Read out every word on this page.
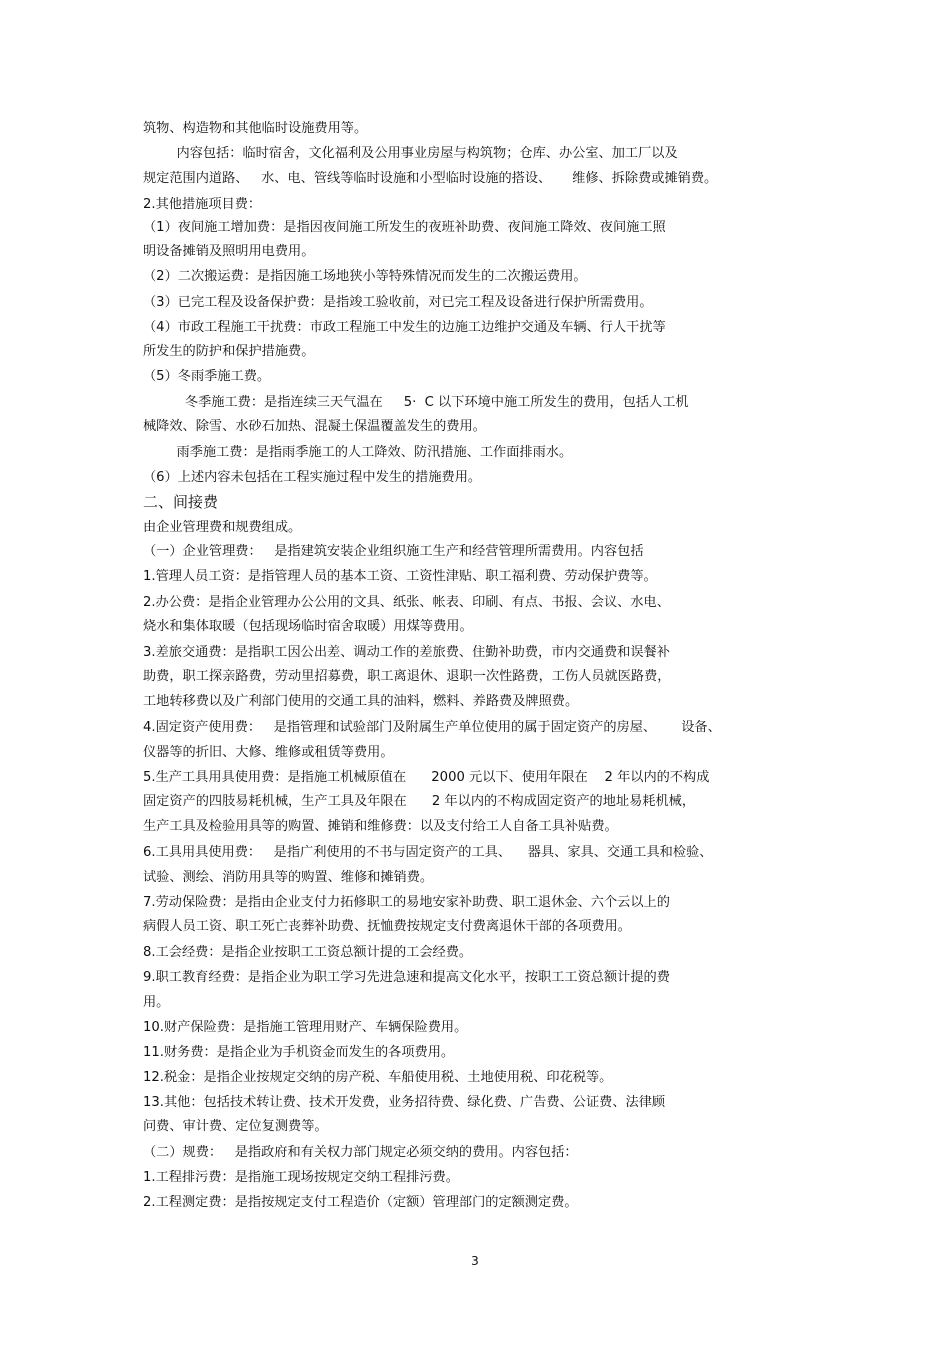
筑物、构造物和其他临时设施费用等。
内容包括：临时宿舍，文化福利及公用事业房屋与构筑物；仓库、办公室、加工厂以及
规定范围内道路、   水、电、管线等临时设施和小型临时设施的搭设、     维修、拆除费或摊销费。
2.其他措施项目费：
（1）夜间施工增加费：是指因夜间施工所发生的夜班补助费、夜间施工降效、夜间施工照
明设备摊销及照明用电费用。
（2）二次搬运费：是指因施工场地狭小等特殊情况而发生的二次搬运费用。
（3）已完工程及设备保护费：是指竣工验收前，对已完工程及设备进行保护所需费用。
（4）市政工程施工干扰费：市政工程施工中发生的边施工边维护交通及车辆、行人干扰等
所发生的防护和保护措施费。
（5）冬雨季施工费。
冬季施工费：是指连续三天气温在     5·  C 以下环境中施工所发生的费用，包括人工机
械降效、除雪、水砂石加热、混凝土保温覆盖发生的费用。
雨季施工费：是指雨季施工的人工降效、防汛措施、工作面排雨水。
（6）上述内容未包括在工程实施过程中发生的措施费用。
二、间接费
由企业管理费和规费组成。
（一）企业管理费：   是指建筑安装企业组织施工生产和经营管理所需费用。内容包括
1.管理人员工资：是指管理人员的基本工资、工资性津贴、职工福利费、劳动保护费等。
2.办公费：是指企业管理办公公用的文具、纸张、帐表、印刷、有点、书报、会议、水电、
烧水和集体取暖（包括现场临时宿舍取暖）用煤等费用。
3.差旅交通费：是指职工因公出差、调动工作的差旅费、住勤补助费，市内交通费和误餐补
助费，职工探亲路费，劳动里招募费，职工离退休、退职一次性路费，工伤人员就医路费，
工地转移费以及广利部门使用的交通工具的油料，燃料、养路费及牌照费。
4.固定资产使用费：   是指管理和试验部门及附属生产单位使用的属于固定资产的房屋、      设备、
仪器等的折旧、大修、维修或租赁等费用。
5.生产工具用具使用费：是指施工机械原值在      2000 元以下、使用年限在    2 年以内的不构成
固定资产的四肢易耗机械，生产工具及年限在      2 年以内的不构成固定资产的地址易耗机械，
生产工具及检验用具等的购置、摊销和维修费：以及支付给工人自备工具补贴费。
6.工具用具使用费：   是指广利使用的不书与固定资产的工具、    器具、家具、交通工具和检验、
试验、测绘、消防用具等的购置、维修和摊销费。
7.劳动保险费：是指由企业支付力拓修职工的易地安家补助费、职工退休金、六个云以上的
病假人员工资、职工死亡丧葬补助费、抚恤费按规定支付费离退休干部的各项费用。
8.工会经费：是指企业按职工工资总额计提的工会经费。
9.职工教育经费：是指企业为职工学习先进急速和提高文化水平，按职工工资总额计提的费
用。
10.财产保险费：是指施工管理用财产、车辆保险费用。
11.财务费：是指企业为手机资金而发生的各项费用。
12.税金：是指企业按规定交纳的房产税、车船使用税、土地使用税、印花税等。
13.其他：包括技术转让费、技术开发费，业务招待费、绿化费、广告费、公证费、法律顾
问费、审计费、定位复测费等。
（二）规费：   是指政府和有关权力部门规定必须交纳的费用。内容包括：
1.工程排污费：是指施工现场按规定交纳工程排污费。
2.工程测定费：是指按规定支付工程造价（定额）管理部门的定额测定费。
3
